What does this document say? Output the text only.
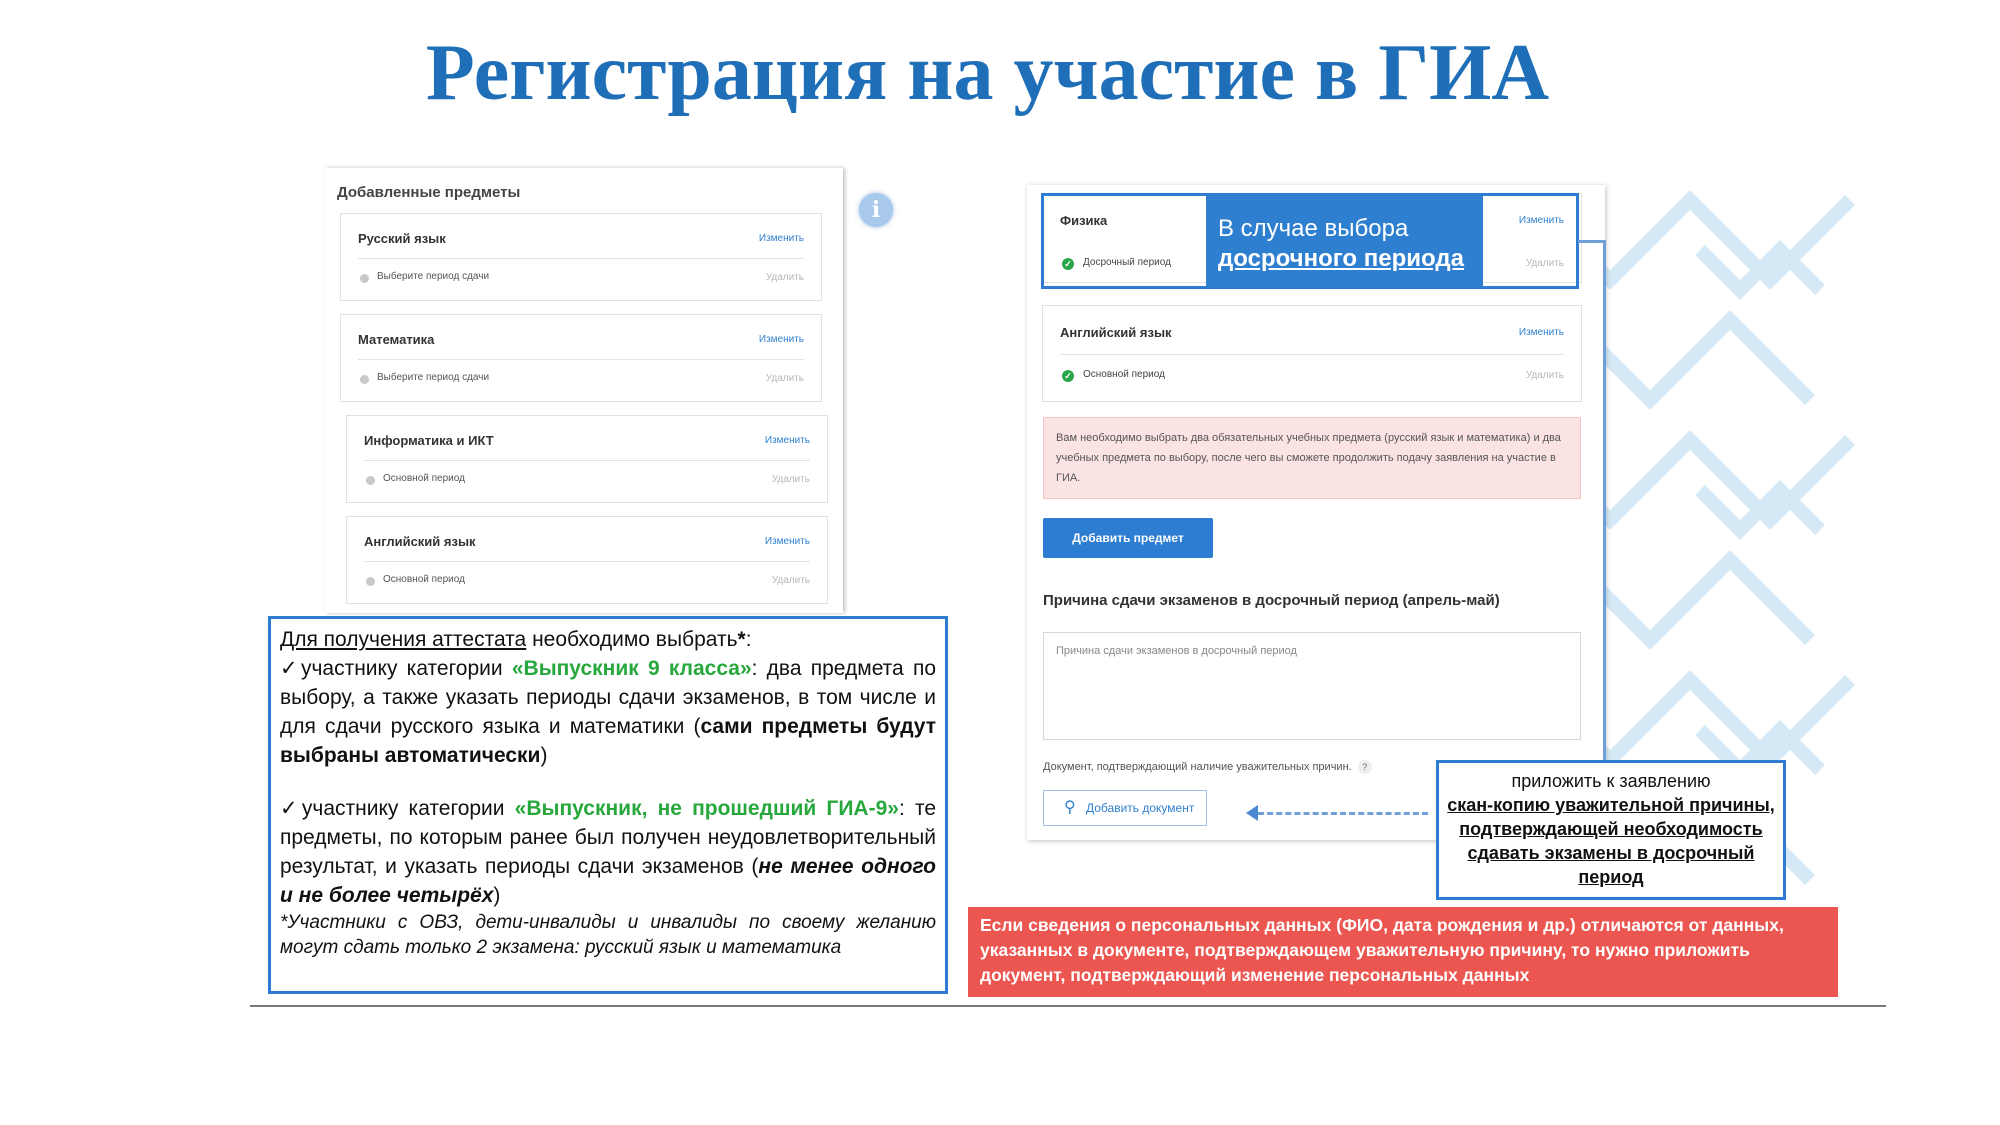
Регистрация на участие в ГИА
Добавленные предметы
Русский язык	Изменить
Выберите период сдачи	Удалить
Математика	Изменить
Выберите период сдачи	Удалить
Информатика и ИКТ	Изменить
Основной период	Удалить
Английский язык	Изменить
Основной период	Удалить
i

Для получения аттестата необходимо выбрать*:

✓участнику категории «Выпускник 9 класса»: два предмета по выбору, а также указать периоды сдачи экзаменов, в том числе и для сдачи русского языка и математики (сами предметы будут выбраны автоматически)

✓участнику категории «Выпускник, не прошедший ГИА-9»: те предметы, по которым ранее был получен неудовлетворительный результат, и указать периоды сдачи экзаменов (не менее одного и не более четырёх)

*Участники с ОВЗ, дети-инвалиды и инвалиды по своему желанию могут сдать только 2 экзамена: русский язык и математика

Физика	Изменить
✓ Досрочный период	Удалить
Английский язык	Изменить
✓ Основной период	Удалить
Вам необходимо выбрать два обязательных учебных предмета (русский язык и математика) и два учебных предмета по выбору, после чего вы сможете продолжить подачу заявления на участие в ГИА.
Добавить предмет
Причина сдачи экзаменов в досрочный период (апрель-май)
Причина сдачи экзаменов в досрочный период
Документ, подтверждающий наличие уважительных причин. ?
⚲ Добавить документ
В случае выбора
досрочного периода
приложить к заявлению
скан-копию уважительной причины, подтверждающей необходимость сдавать экзамены в досрочный период
Если сведения о персональных данных (ФИО, дата рождения и др.) отличаются от данных, указанных в документе, подтверждающем уважительную причину, то нужно приложить документ, подтверждающий изменение персональных данных
